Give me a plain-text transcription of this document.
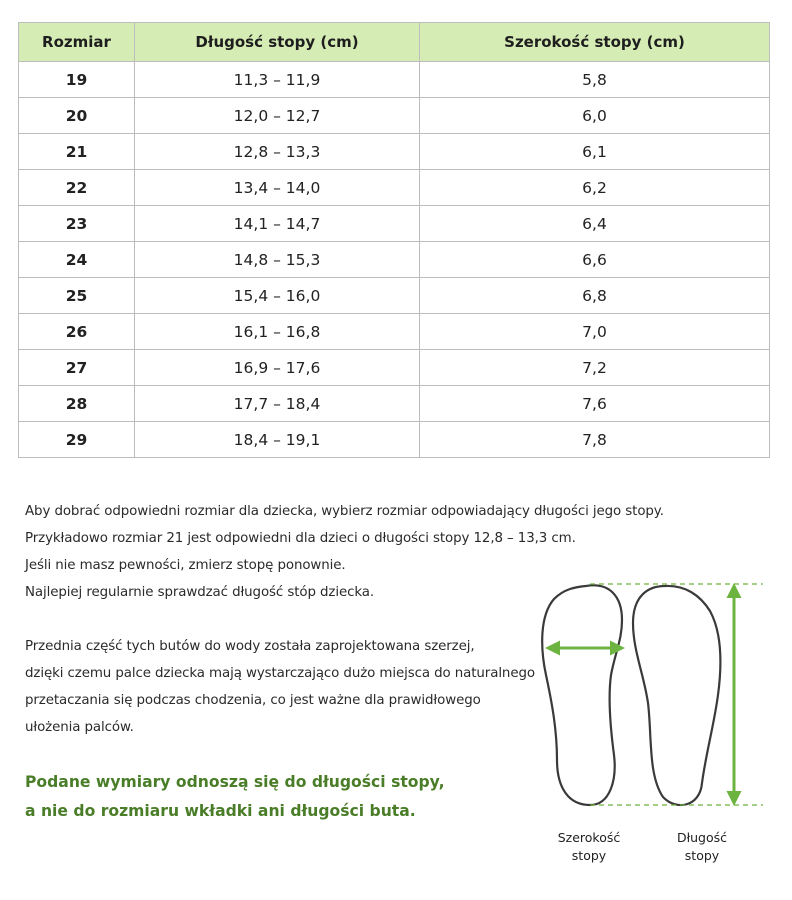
Rozmiar	Długość stopy (cm)	Szerokość stopy (cm)
19	11,3 – 11,9	5,8
20	12,0 – 12,7	6,0
21	12,8 – 13,3	6,1
22	13,4 – 14,0	6,2
23	14,1 – 14,7	6,4
24	14,8 – 15,3	6,6
25	15,4 – 16,0	6,8
26	16,1 – 16,8	7,0
27	16,9 – 17,6	7,2
28	17,7 – 18,4	7,6
29	18,4 – 19,1	7,8

Aby dobrać odpowiedni rozmiar dla dziecka, wybierz rozmiar odpowiadający długości jego stopy.
Przykładowo rozmiar 21 jest odpowiedni dla dzieci o długości stopy 12,8 – 13,3 cm.
Jeśli nie masz pewności, zmierz stopę ponownie.
Najlepiej regularnie sprawdzać długość stóp dziecka.

Przednia część tych butów do wody została zaprojektowana szerzej,
dzięki czemu palce dziecka mają wystarczająco dużo miejsca do naturalnego
przetaczania się podczas chodzenia, co jest ważne dla prawidłowego
ułożenia palców.

Podane wymiary odnoszą się do długości stopy,
a nie do rozmiaru wkładki ani długości buta.

Szerokość
stopy
Długość
stopy
